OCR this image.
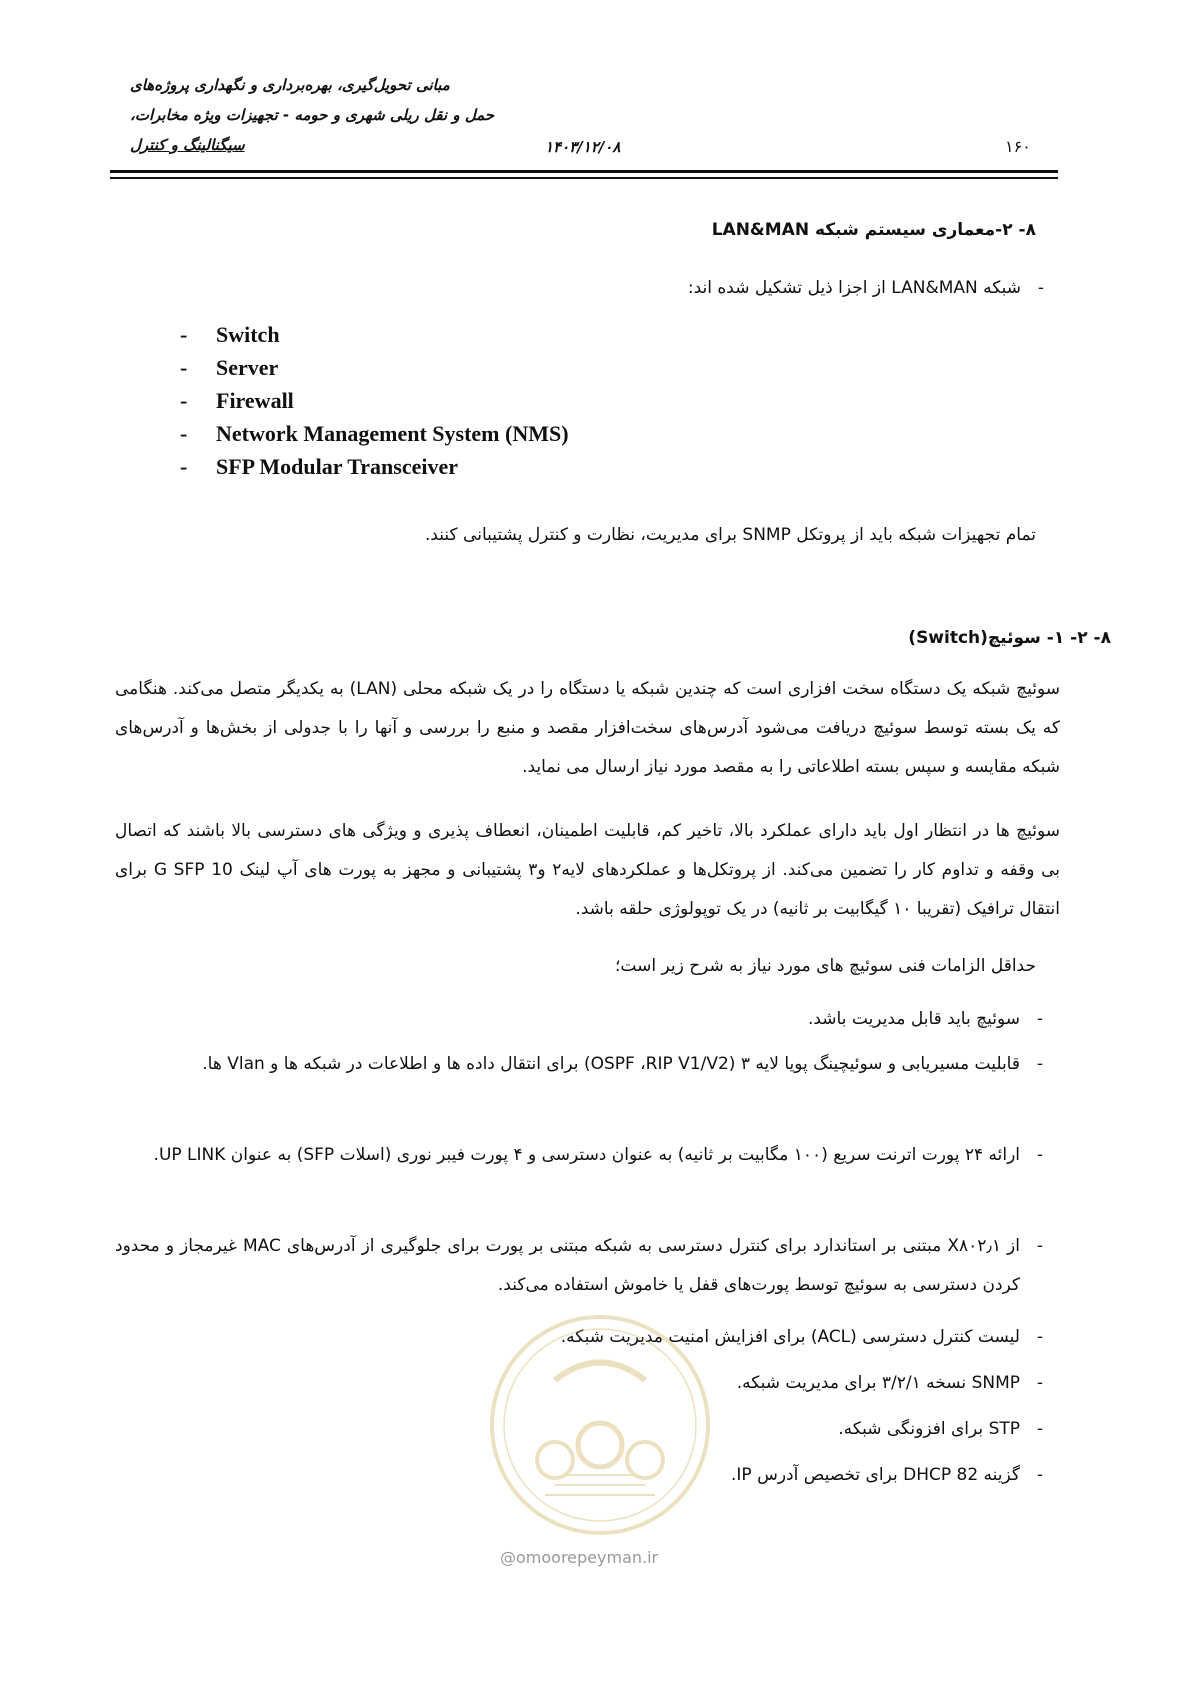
مبانی تحویل‌گیری، بهره‌برداری و نگهداری پروژه‌های
حمل و نقل ریلی شهری و حومه - تجهیزات ویژه مخابرات،
سیگنالینگ و کنترل	۱۴۰۳/۱۲/۰۸	۱۶۰
۸- ۲-معماری سیستم شبکه LAN&MAN
-شبکه LAN&MAN از اجزا ذیل تشکیل شده اند:
- Switch
- Server
- Firewall
- Network Management System (NMS)
- SFP Modular Transceiver
تمام تجهیزات شبکه باید از پروتکل SNMP برای مدیریت، نظارت و کنترل پشتیبانی کنند.
۸- ۲- ۱- سوئیچ(Switch)
سوئیچ شبکه یک دستگاه سخت افزاری است که چندین شبکه یا دستگاه را در یک شبکه محلی (LAN) به یکدیگر متصل می‌کند. هنگامی که یک بسته توسط سوئیچ دریافت می‌شود آدرس‌های سخت‌افزار مقصد و منبع را بررسی و آنها را با جدولی از بخش‌ها و آدرس‌های شبکه مقایسه و سپس بسته اطلاعاتی را به مقصد مورد نیاز ارسال می نماید.
سوئیچ ها در انتظار اول باید دارای عملکرد بالا، تاخیر کم، قابلیت اطمینان، انعطاف پذیری و ویژگی های دسترسی بالا باشند که اتصال بی وقفه و تداوم کار را تضمین می‌کند. از پروتکل‌ها و عملکردهای لایه۲ و۳ پشتیبانی و مجهز به پورت های آپ لینک 10 G SFP برای انتقال ترافیک (تقریبا ۱۰ گیگابیت بر ثانیه) در یک توپولوژی حلقه باشد.
حداقل الزامات فنی سوئیچ های مورد نیاز به شرح زیر است؛
-
سوئیچ باید قابل مدیریت باشد.
-
قابلیت مسیریابی و سوئیچینگ پویا لایه ۳ (OSPF ،RIP V1/V2) برای انتقال داده ها و اطلاعات در شبکه ها و Vlan ها.
-
ارائه ۲۴ پورت اترنت سریع (۱۰۰ مگابیت بر ثانیه) به عنوان دسترسی و ۴ پورت فیبر نوری (اسلات SFP) به عنوان UP LINK.
-
از X۸۰۲٫۱ مبتنی بر استاندارد برای کنترل دسترسی به شبکه مبتنی بر پورت برای جلوگیری از آدرس‌های MAC غیرمجاز و محدود کردن دسترسی به سوئیچ توسط پورت‌های قفل یا خاموش استفاده می‌کند.
-
لیست کنترل دسترسی (ACL) برای افزایش امنیت مدیریت شبکه.
-
SNMP نسخه ۳/۲/۱ برای مدیریت شبکه.
-
STP برای افزونگی شبکه.
-
گزینه DHCP 82 برای تخصیص آدرس IP.
@omoorepeyman.ir
